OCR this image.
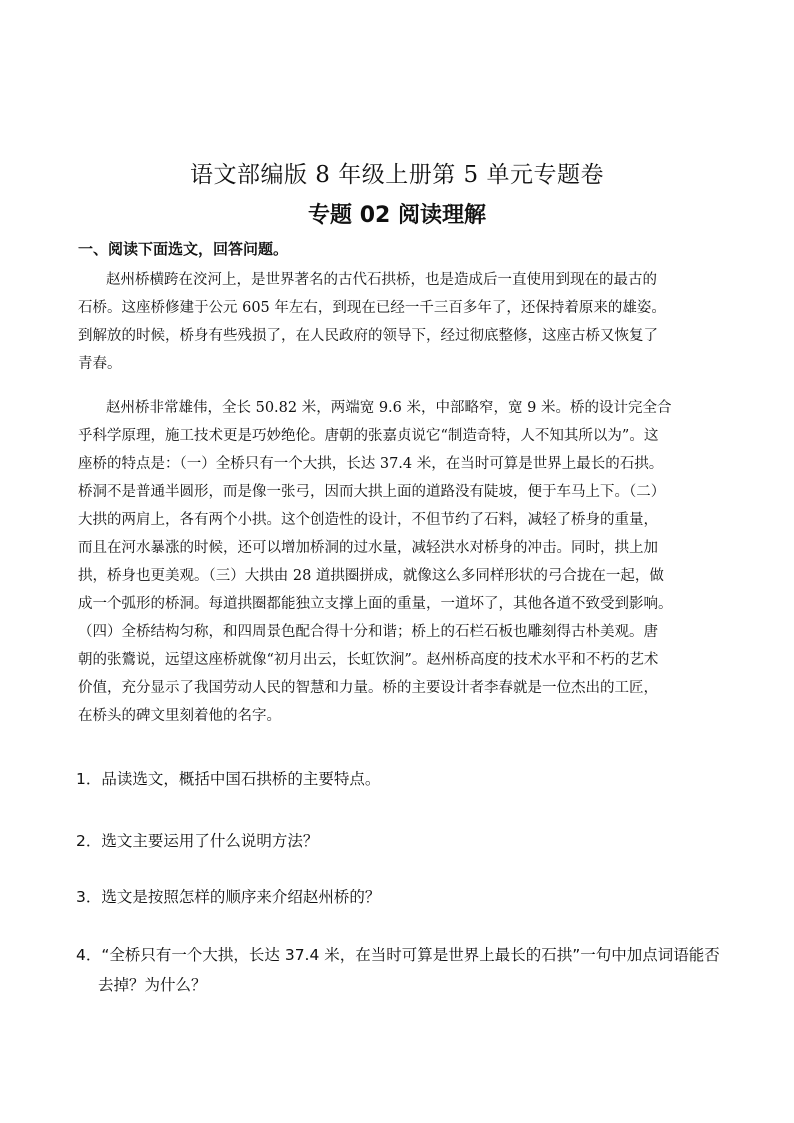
语文部编版 8 年级上册第 5 单元专题卷
专题 02 阅读理解
一、阅读下面选文，回答问题。
赵州桥横跨在洨河上，是世界著名的古代石拱桥，也是造成后一直使用到现在的最古的
石桥。这座桥修建于公元 605 年左右，到现在已经一千三百多年了，还保持着原来的雄姿。
到解放的时候，桥身有些残损了，在人民政府的领导下，经过彻底整修，这座古桥又恢复了
青春。
赵州桥非常雄伟，全长 50.82 米，两端宽 9.6 米，中部略窄，宽 9 米。桥的设计完全合
乎科学原理，施工技术更是巧妙绝伦。唐朝的张嘉贞说它“制造奇特，人不知其所以为”。这
座桥的特点是：（一）全桥只有一个大拱，长达 37.4 米，在当时可算是世界上最长的石拱。
桥洞不是普通半圆形，而是像一张弓，因而大拱上面的道路没有陡坡，便于车马上下。（二）
大拱的两肩上，各有两个小拱。这个创造性的设计，不但节约了石料，减轻了桥身的重量，
而且在河水暴涨的时候，还可以增加桥洞的过水量，减轻洪水对桥身的冲击。同时，拱上加
拱，桥身也更美观。（三）大拱由 28 道拱圈拼成，就像这么多同样形状的弓合拢在一起，做
成一个弧形的桥洞。每道拱圈都能独立支撑上面的重量，一道坏了，其他各道不致受到影响。
（四）全桥结构匀称，和四周景色配合得十分和谐；桥上的石栏石板也雕刻得古朴美观。唐
朝的张鷟说，远望这座桥就像“初月出云，长虹饮涧”。赵州桥高度的技术水平和不朽的艺术
价值，充分显示了我国劳动人民的智慧和力量。桥的主要设计者李春就是一位杰出的工匠，
在桥头的碑文里刻着他的名字。
1．品读选文，概括中国石拱桥的主要特点。
2．选文主要运用了什么说明方法？
3．选文是按照怎样的顺序来介绍赵州桥的？
4．“全桥只有一个大拱，长达 37.4 米，在当时可算是世界上最长的石拱”一句中加点词语能否
去掉？为什么？
